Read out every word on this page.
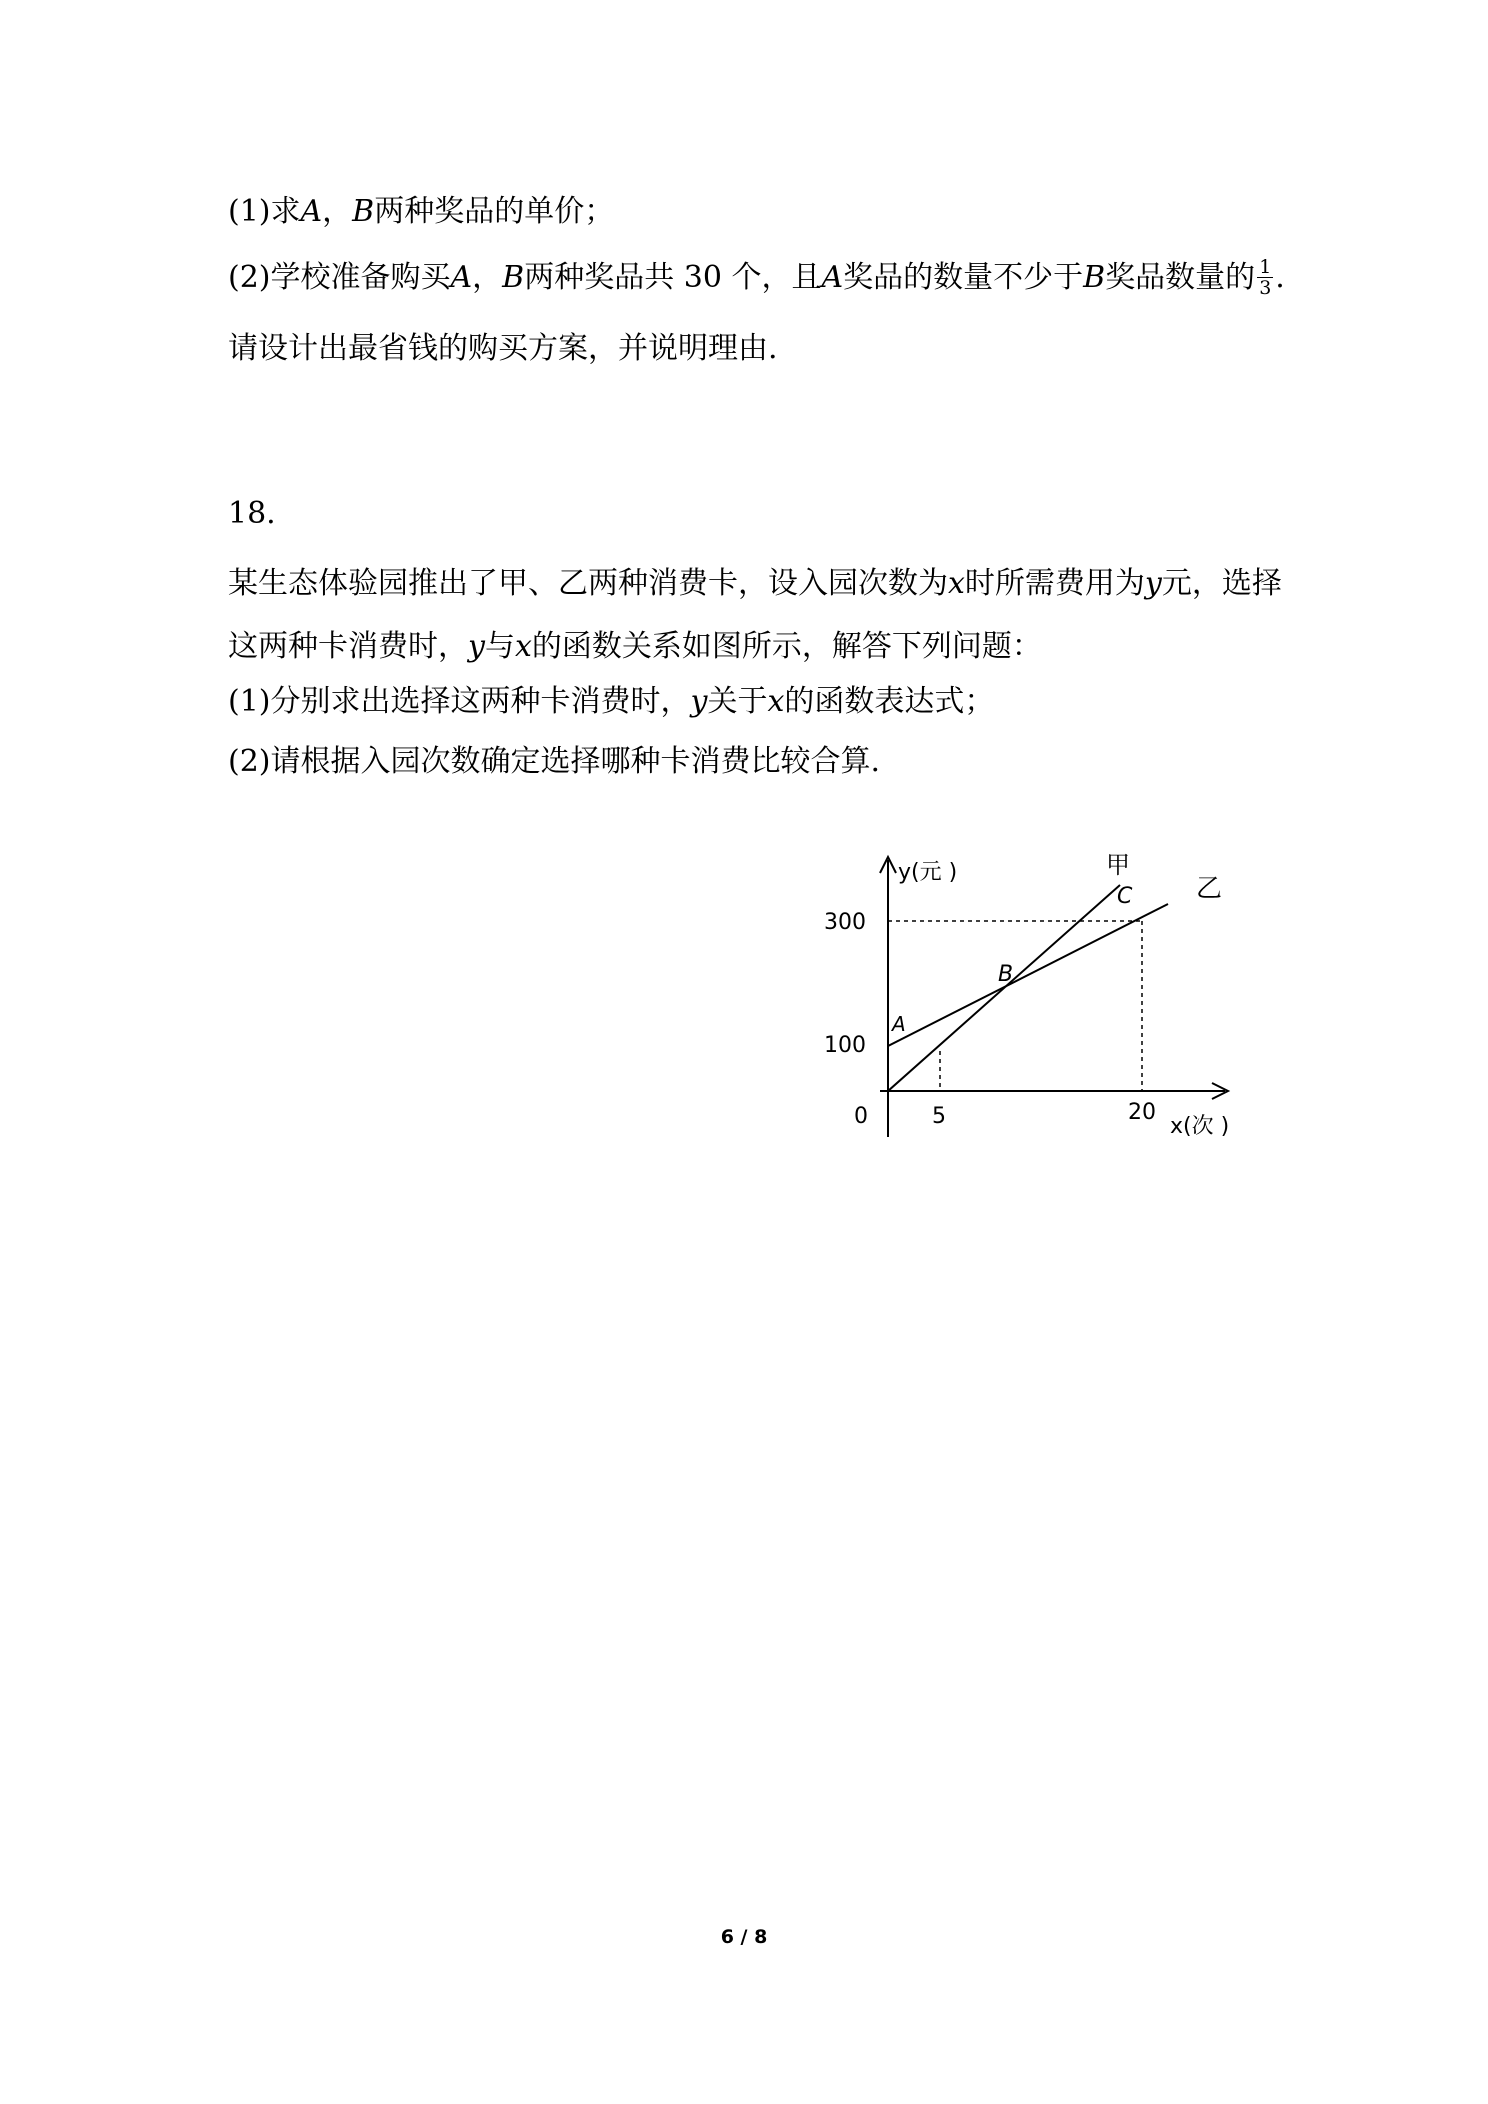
(1)求A，B两种奖品的单价；
(2)学校准备购买A，B两种奖品共 30 个，且A奖品的数量不少于B奖品数量的 $\frac{1}{3}$ .
请设计出最省钱的购买方案，并说明理由.
18.
某生态体验园推出了甲、乙两种消费卡，设入园次数为x时所需费用为y元，选择
这两种卡消费时，y与x的函数关系如图所示，解答下列问题：
(1)分别求出选择这两种卡消费时，y关于x的函数表达式；
(2)请根据入园次数确定选择哪种卡消费比较合算.
y(元 )
x(次 )
0
300
100
5	20
A
B
C
甲
乙
6 / 8
